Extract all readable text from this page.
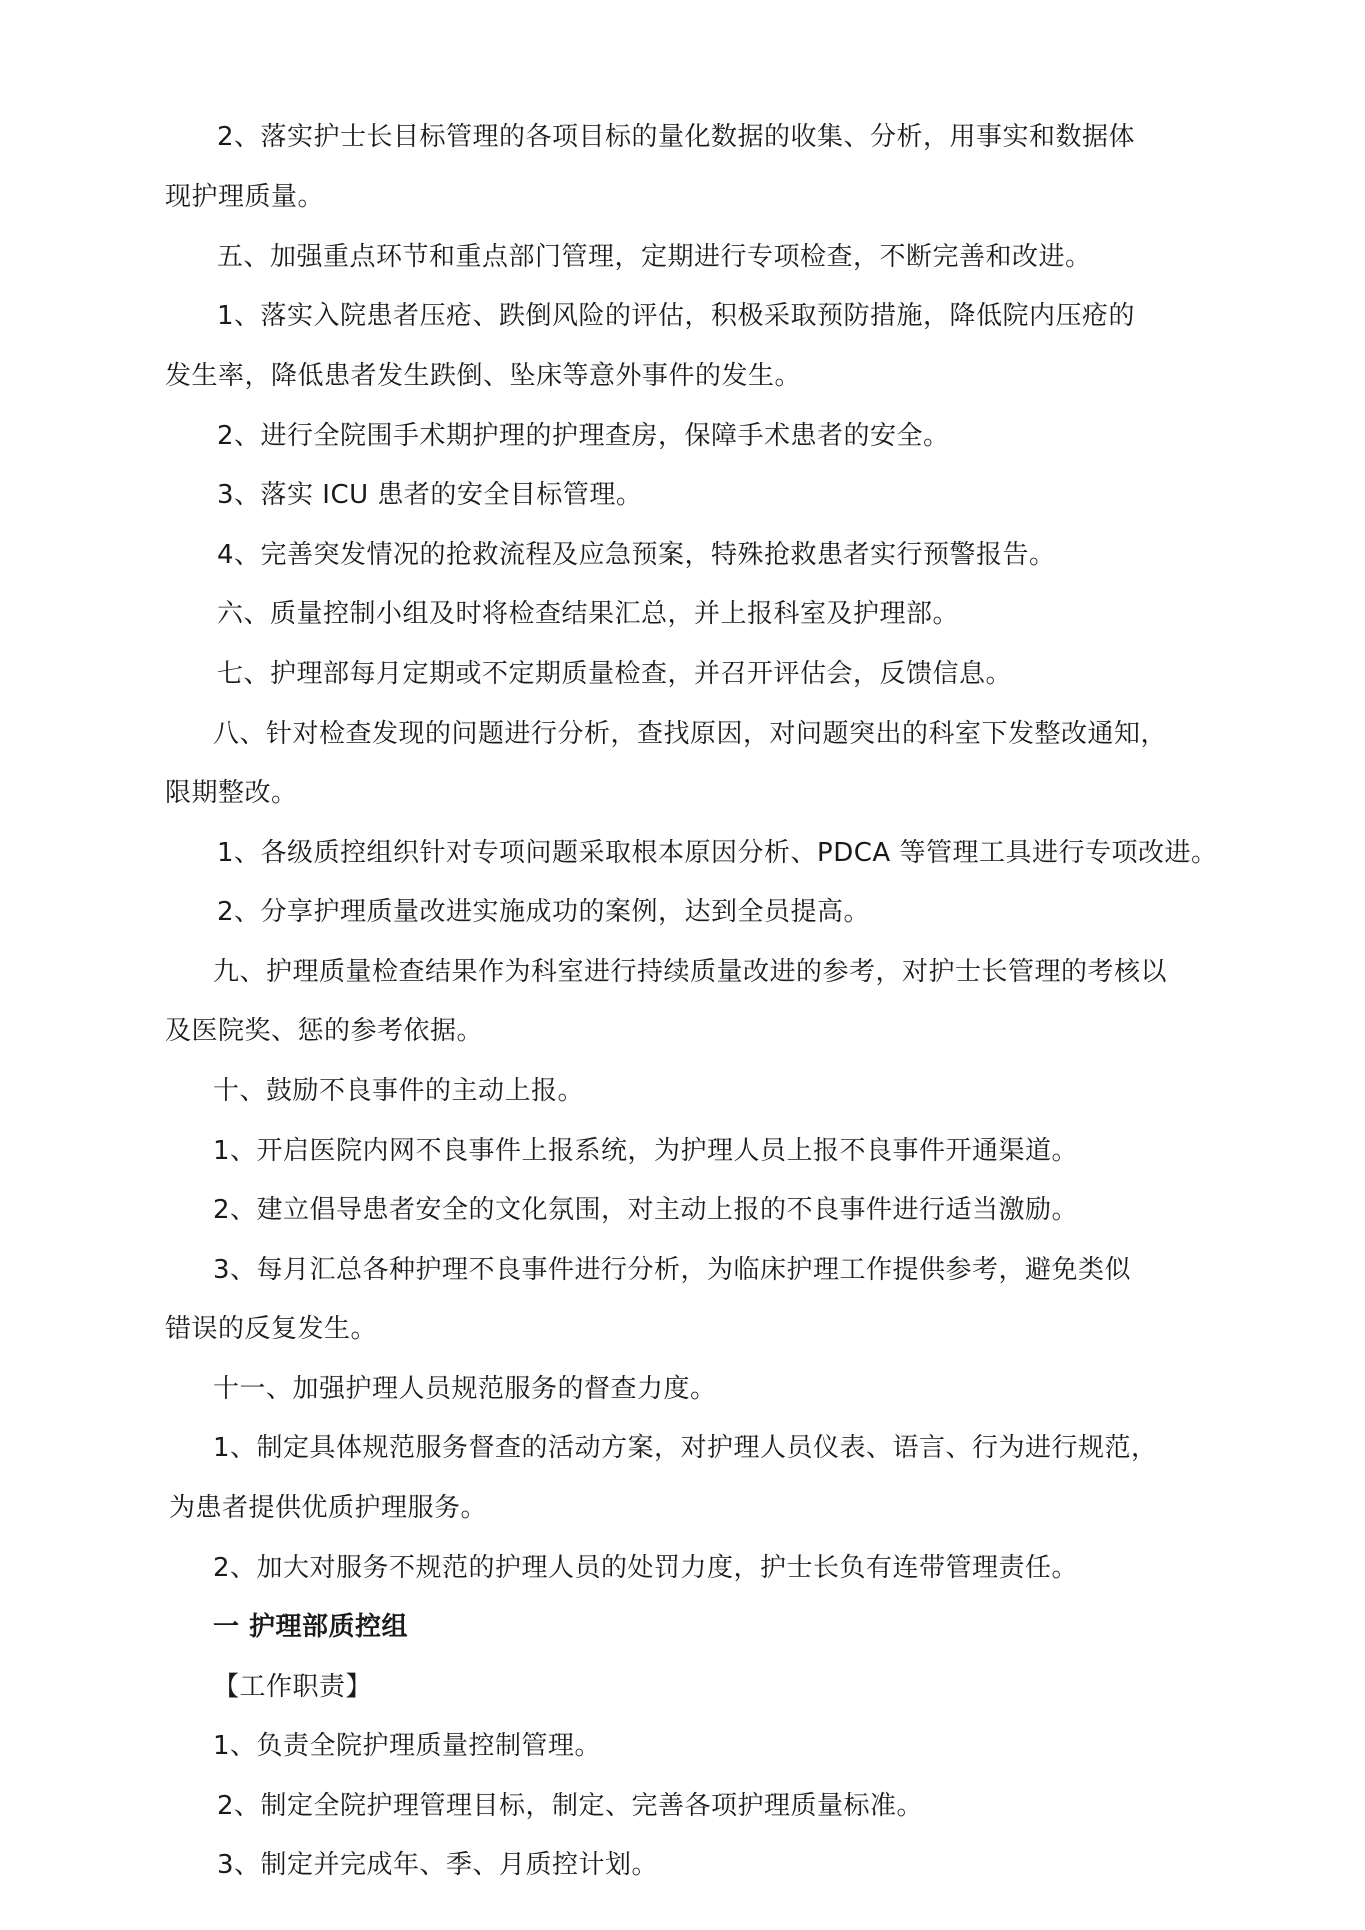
2、落实护士长目标管理的各项目标的量化数据的收集、分析，用事实和数据体
现护理质量。
五、加强重点环节和重点部门管理，定期进行专项检查，不断完善和改进。
1、落实入院患者压疮、跌倒风险的评估，积极采取预防措施，降低院内压疮的
发生率，降低患者发生跌倒、坠床等意外事件的发生。
2、进行全院围手术期护理的护理查房，保障手术患者的安全。
3、落实 ICU 患者的安全目标管理。
4、完善突发情况的抢救流程及应急预案，特殊抢救患者实行预警报告。
六、质量控制小组及时将检查结果汇总，并上报科室及护理部。
七、护理部每月定期或不定期质量检查，并召开评估会，反馈信息。
八、针对检查发现的问题进行分析，查找原因，对问题突出的科室下发整改通知，
限期整改。
1、各级质控组织针对专项问题采取根本原因分析、PDCA 等管理工具进行专项改进。
2、分享护理质量改进实施成功的案例，达到全员提高。
九、护理质量检查结果作为科室进行持续质量改进的参考，对护士长管理的考核以
及医院奖、惩的参考依据。
十、鼓励不良事件的主动上报。
1、开启医院内网不良事件上报系统，为护理人员上报不良事件开通渠道。
2、建立倡导患者安全的文化氛围，对主动上报的不良事件进行适当激励。
3、每月汇总各种护理不良事件进行分析，为临床护理工作提供参考，避免类似
错误的反复发生。
十一、加强护理人员规范服务的督查力度。
1、制定具体规范服务督查的活动方案，对护理人员仪表、语言、行为进行规范，
为患者提供优质护理服务。
2、加大对服务不规范的护理人员的处罚力度，护士长负有连带管理责任。
一 护理部质控组
【工作职责】
1、负责全院护理质量控制管理。
2、制定全院护理管理目标，制定、完善各项护理质量标准。
3、制定并完成年、季、月质控计划。
